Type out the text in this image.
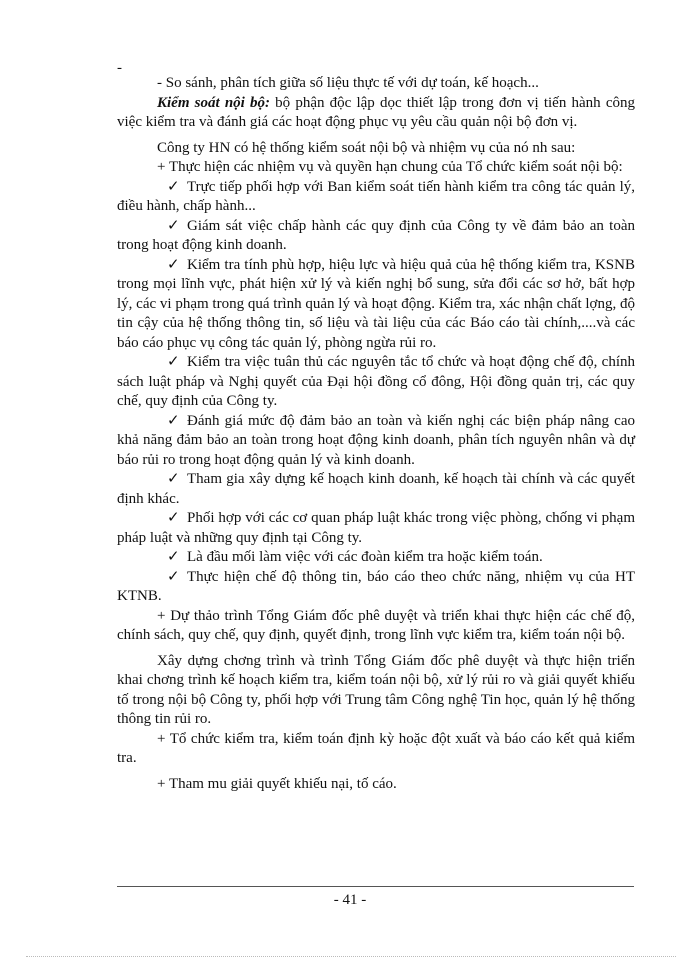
-

- So sánh, phân tích giữa số liệu thực tế với dự toán, kế hoạch...

Kiểm soát nội bộ: bộ phận độc lập dọc thiết lập trong đơn vị tiến hành công việc kiểm tra và đánh giá các hoạt động phục vụ yêu cầu quản nội bộ đơn vị.

Công ty HN có hệ thống kiểm soát nội bộ và nhiệm vụ của nó nh sau:

+ Thực hiện các nhiệm vụ và quyền hạn chung của Tổ chức kiểm soát nội bộ:

✓ Trực tiếp phối hợp với Ban kiểm soát tiến hành kiểm tra công tác quản lý, điều hành, chấp hành...

✓ Giám sát việc chấp hành các quy định của Công ty về đảm bảo an toàn trong hoạt động kinh doanh.

✓ Kiểm tra tính phù hợp, hiệu lực và hiệu quả của hệ thống kiểm tra, KSNB trong mọi lĩnh vực, phát hiện xử lý và kiến nghị bổ sung, sửa đổi các sơ hở, bất hợp lý, các vi phạm trong quá trình quản lý và hoạt động. Kiểm tra, xác nhận chất lợng, độ tin cậy của hệ thống thông tin, số liệu và tài liệu của các Báo cáo tài chính,....và các báo cáo phục vụ công tác quản lý, phòng ngừa rủi ro.

✓ Kiểm tra việc tuân thủ các nguyên tắc tổ chức và hoạt động chế độ, chính sách luật pháp và Nghị quyết của Đại hội đồng cổ đông, Hội đồng quản trị, các quy chế, quy định của Công ty.

✓ Đánh giá mức độ đảm bảo an toàn và kiến nghị các biện pháp nâng cao khả năng đảm bảo an toàn trong hoạt động kinh doanh, phân tích nguyên nhân và dự báo rủi ro trong hoạt động quản lý và kinh doanh.

✓ Tham gia xây dựng kế hoạch kinh doanh, kế hoạch tài chính và các quyết định khác.

✓ Phối hợp với các cơ quan pháp luật khác trong việc phòng, chống vi phạm pháp luật và những quy định tại Công ty.

✓ Là đầu mối làm việc với các đoàn kiểm tra hoặc kiểm toán.

✓ Thực hiện chế độ thông tin, báo cáo theo chức năng, nhiệm vụ của HT KTNB.

+ Dự thảo trình Tổng Giám đốc phê duyệt và triển khai thực hiện các chế độ, chính sách, quy chế, quy định, quyết định, trong lĩnh vực kiểm tra, kiểm toán nội bộ.

Xây dựng chơng trình và trình Tổng Giám đốc phê duyệt và thực hiện triển khai chơng trình kế hoạch kiểm tra, kiểm toán nội bộ, xử lý rủi ro và giải quyết khiếu tố trong nội bộ Công ty, phối hợp với Trung tâm Công nghệ Tin học, quản lý hệ thống thông tin rủi ro.

+ Tổ chức kiểm tra, kiểm toán định kỳ hoặc đột xuất và báo cáo kết quả kiểm tra.

+ Tham mu giải quyết khiếu nại, tố cáo.

- 41 -
